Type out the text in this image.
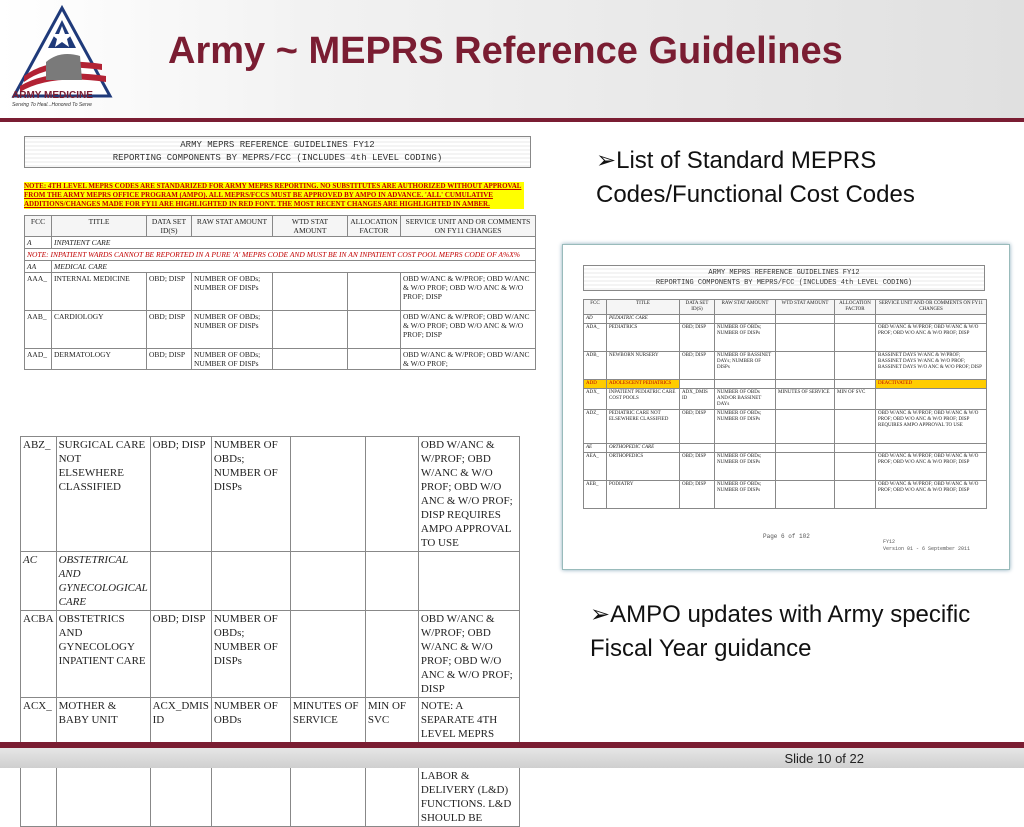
ARMY MEDICINE
Serving To Heal...Honored To Serve
Army ~ MEPRS Reference Guidelines
ARMY MEPRS REFERENCE GUIDELINES FY12
REPORTING COMPONENTS BY MEPRS/FCC (INCLUDES 4th LEVEL CODING)
NOTE: 4TH LEVEL MEPRS CODES ARE STANDARIZED FOR ARMY MEPRS REPORTING. NO SUBSTITUTES ARE AUTHORIZED WITHOUT APPROVAL FROM THE ARMY MEPRS OFFICE PROGRAM (AMPO). ALL MEPRS/FCCS MUST BE APPROVED BY AMPO IN ADVANCE. 'ALL' CUMULATIVE ADDITIONS/CHANGES MADE FOR FY11 ARE HIGHLIGHTED IN RED FONT. THE MOST RECENT CHANGES ARE HIGHLIGHTED IN AMBER.
FCC	TITLE	DATA SET ID(S)	RAW STAT AMOUNT	WTD STAT AMOUNT	ALLOCATION FACTOR	SERVICE UNIT AND OR COMMENTS ON FY11 CHANGES
A	INPATIENT CARE					
NOTE: INPATIENT WARDS CANNOT BE REPORTED IN A PURE 'A' MEPRS CODE AND MUST BE IN AN INPATIENT COST POOL MEPRS CODE OF A%X%						
AA	MEDICAL CARE					
AAA_	INTERNAL MEDICINE	OBD; DISP	NUMBER OF OBDs; NUMBER OF DISPs			OBD W/ANC & W/PROF; OBD W/ANC & W/O PROF; OBD W/O ANC & W/O PROF; DISP
AAB_	CARDIOLOGY	OBD; DISP	NUMBER OF OBDs; NUMBER OF DISPs			OBD W/ANC & W/PROF; OBD W/ANC & W/O PROF; OBD W/O ANC & W/O PROF; DISP
AAD_	DERMATOLOGY	OBD; DISP	NUMBER OF OBDs; NUMBER OF DISPs			OBD W/ANC & W/PROF; OBD W/ANC & W/O PROF;
ABZ_	SURGICAL CARE NOT ELSEWHERE CLASSIFIED	OBD; DISP	NUMBER OF OBDs; NUMBER OF DISPs			OBD W/ANC & W/PROF; OBD W/ANC & W/O PROF; OBD W/O ANC & W/O PROF; DISP REQUIRES AMPO APPROVAL TO USE
AC	OBSTETRICAL AND GYNECOLOGICAL CARE					
ACBA	OBSTETRICS AND GYNECOLOGY INPATIENT CARE	OBD; DISP	NUMBER OF OBDs; NUMBER OF DISPs			OBD W/ANC & W/PROF; OBD W/ANC & W/O PROF; OBD W/O ANC & W/O PROF; DISP
ACX_	MOTHER & BABY UNIT	ACX_DMIS ID	NUMBER OF OBDs	MINUTES OF SERVICE	MIN OF SVC	NOTE: A SEPARATE 4TH LEVEL MEPRS LABOR & DELIVERY (L&D) FUNCTIONS. L&D SHOULD BE
➢List of Standard MEPRS Codes/Functional Cost Codes
ARMY MEPRS REFERENCE GUIDELINES FY12
REPORTING COMPONENTS BY MEPRS/FCC (INCLUDES 4th LEVEL CODING)
FCC	TITLE	DATA SET ID(S)	RAW STAT AMOUNT	WTD STAT AMOUNT	ALLOCATION FACTOR	SERVICE UNIT AND OR COMMENTS ON FY11 CHANGES
AD	PEDIATRIC CARE					
ADA_	PEDIATRICS	OBD; DISP	NUMBER OF OBDs; NUMBER OF DISPs			OBD W/ANC & W/PROF; OBD W/ANC & W/O PROF; OBD W/O ANC & W/O PROF; DISP
ADB_	NEWBORN NURSERY	OBD; DISP	NUMBER OF BASSINET DAYs; NUMBER OF DISPs			BASSINET DAYS W/ANC & W/PROF; BASSINET DAYS W/ANC & W/O PROF; BASSINET DAYS W/O ANC & W/O PROF; DISP
ADD	ADOLESCENT PEDIATRICS					DEACTIVATED
ADX_	INPATIENT PEDIATRIC CARE COST POOLS	ADX_DMIS ID	NUMBER OF OBDs AND/OR BASSINET DAYs	MINUTES OF SERVICE	MIN OF SVC	
ADZ_	PEDIATRIC CARE NOT ELSEWHERE CLASSIFIED	OBD; DISP	NUMBER OF OBDs; NUMBER OF DISPs			OBD W/ANC & W/PROF; OBD W/ANC & W/O PROF; OBD W/O ANC & W/O PROF; DISP REQUIRES AMPO APPROVAL TO USE
AE	ORTHOPEDIC CARE					
AEA_	ORTHOPEDICS	OBD; DISP	NUMBER OF OBDs; NUMBER OF DISPs			OBD W/ANC & W/PROF; OBD W/ANC & W/O PROF; OBD W/O ANC & W/O PROF; DISP
AEB_	PODIATRY	OBD; DISP	NUMBER OF OBDs; NUMBER OF DISPs			OBD W/ANC & W/PROF; OBD W/ANC & W/O PROF; OBD W/O ANC & W/O PROF; DISP
Page 6 of 102
FY12
Version 01 - 6 September 2011
➢AMPO updates with Army specific Fiscal Year guidance
Slide 10 of 22
